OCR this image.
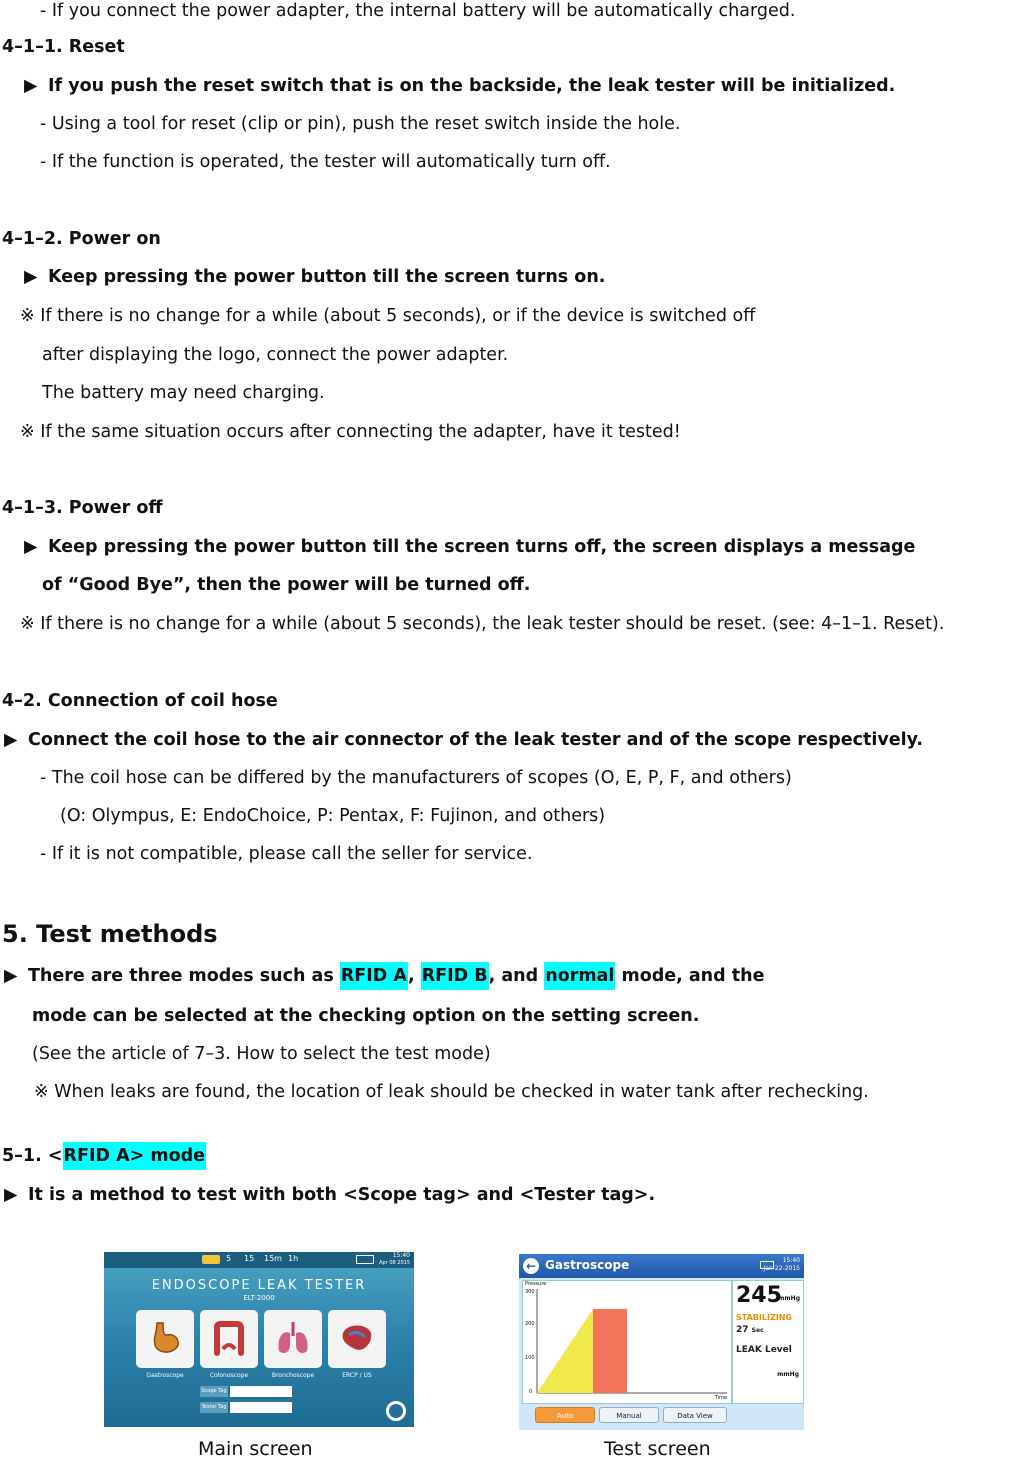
- If you connect the power adapter, the internal battery will be automatically charged.
4–1–1. Reset
▶ If you push the reset switch that is on the backside, the leak tester will be initialized.
- Using a tool for reset (clip or pin), push the reset switch inside the hole.
- If the function is operated, the tester will automatically turn off.
4–1–2. Power on
▶ Keep pressing the power button till the screen turns on.
※ If there is no change for a while (about 5 seconds), or if the device is switched off
after displaying the logo, connect the power adapter.
The battery may need charging.
※ If the same situation occurs after connecting the adapter, have it tested!
4–1–3. Power off
▶ Keep pressing the power button till the screen turns off, the screen displays a message
of “Good Bye”, then the power will be turned off.
※ If there is no change for a while (about 5 seconds), the leak tester should be reset. (see: 4–1–1. Reset).
4–2. Connection of coil hose
▶ Connect the coil hose to the air connector of the leak tester and of the scope respectively.
- The coil hose can be differed by the manufacturers of scopes (O, E, P, F, and others)
(O: Olympus, E: EndoChoice, P: Pentax, F: Fujinon, and others)
- If it is not compatible, please call the seller for service.
5. Test methods
▶ There are three modes such as RFID A, RFID B, and normal mode, and the
mode can be selected at the checking option on the setting screen.
(See the article of 7–3. How to select the test mode)
※ When leaks are found, the location of leak should be checked in water tank after rechecking.
5–1. <RFID A> mode
▶ It is a method to test with both <Scope tag> and <Tester tag>.
5 15 15m 1h	15:40
Apr 08 2015
ENDOSCOPE LEAK TESTER
ELT-2000
Gastroscope	Colonoscope	Bronchoscope	ERCP / US
Scope Tag
Tester Tag
Main screen
← Gastroscope	15:40
Jan-22-2015
Pressure
300
200
100
0
Time
245
mmHg
STABILIZING
27 Sec
LEAK Level
mmHg
Auto	Manual	Data View
Test screen
